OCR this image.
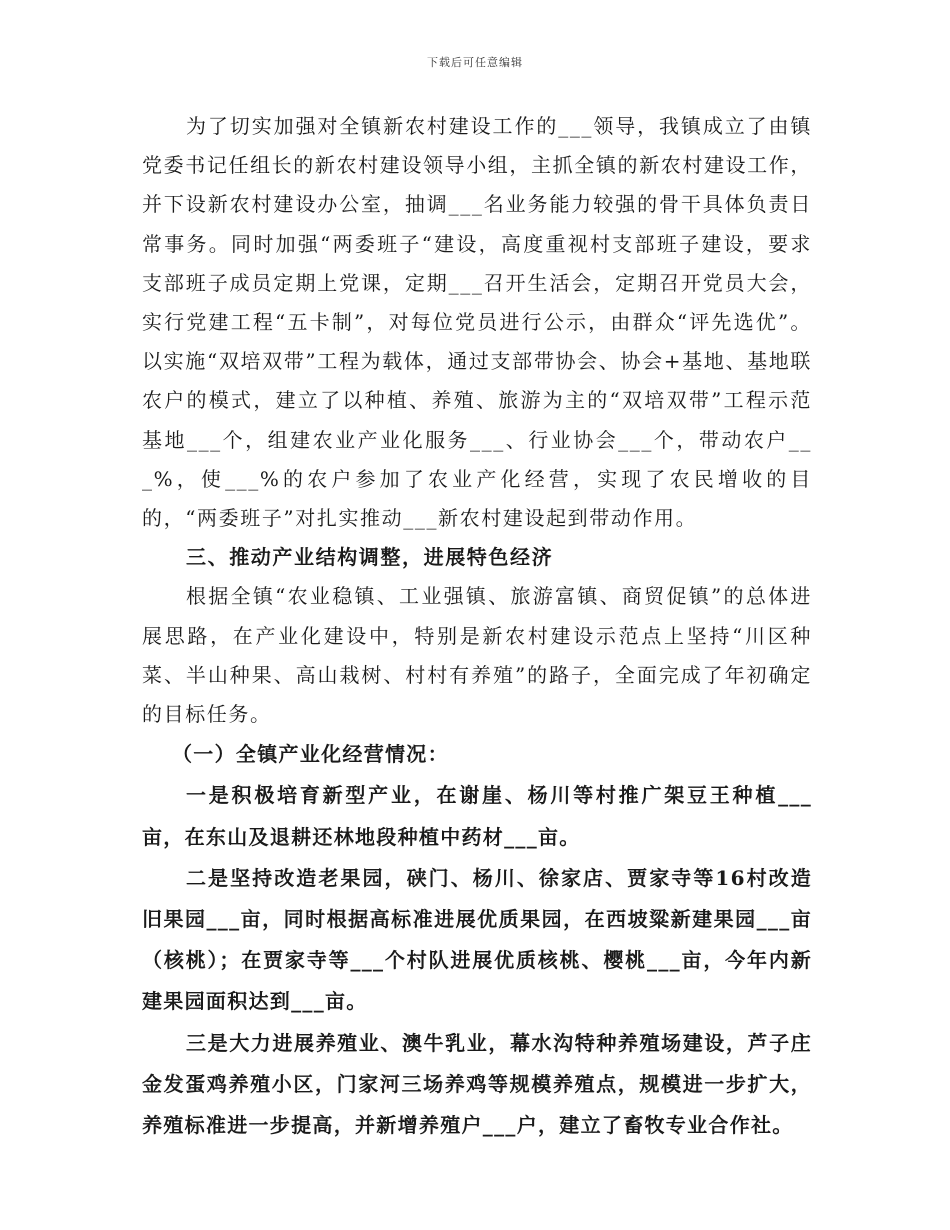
下载后可任意编辑

为了切实加强对全镇新农村建设工作的___领导，我镇成立了由镇党委书记任组长的新农村建设领导小组，主抓全镇的新农村建设工作，并下设新农村建设办公室，抽调___名业务能力较强的骨干具体负责日常事务。同时加强“两委班子“建设，高度重视村支部班子建设，要求支部班子成员定期上党课，定期___召开生活会，定期召开党员大会，实行党建工程“五卡制”，对每位党员进行公示，由群众“评先选优”。以实施“双培双带”工程为载体，通过支部带协会、协会+基地、基地联农户的模式，建立了以种植、养殖、旅游为主的“双培双带”工程示范基地___个，组建农业产业化服务___、行业协会___个，带动农户___%，使___%的农户参加了农业产化经营，实现了农民增收的目的，“两委班子”对扎实推动___新农村建设起到带动作用。

三、推动产业结构调整，进展特色经济

根据全镇“农业稳镇、工业强镇、旅游富镇、商贸促镇”的总体进展思路，在产业化建设中，特别是新农村建设示范点上坚持“川区种菜、半山种果、高山栽树、村村有养殖”的路子，全面完成了年初确定的目标任务。

（一）全镇产业化经营情况：

一是积极培育新型产业，在谢崖、杨川等村推广架豆王种植___亩，在东山及退耕还林地段种植中药材___亩。

二是坚持改造老果园，硖门、杨川、徐家店、贾家寺等16村改造旧果园___亩，同时根据高标准进展优质果园，在西坡粱新建果园___亩（核桃）；在贾家寺等___个村队进展优质核桃、樱桃___亩，今年内新建果园面积达到___亩。

三是大力进展养殖业、澳牛乳业，幕水沟特种养殖场建设，芦子庄金发蛋鸡养殖小区，门家河三场养鸡等规模养殖点，规模进一步扩大，养殖标准进一步提高，并新增养殖户___户，建立了畜牧专业合作社。
